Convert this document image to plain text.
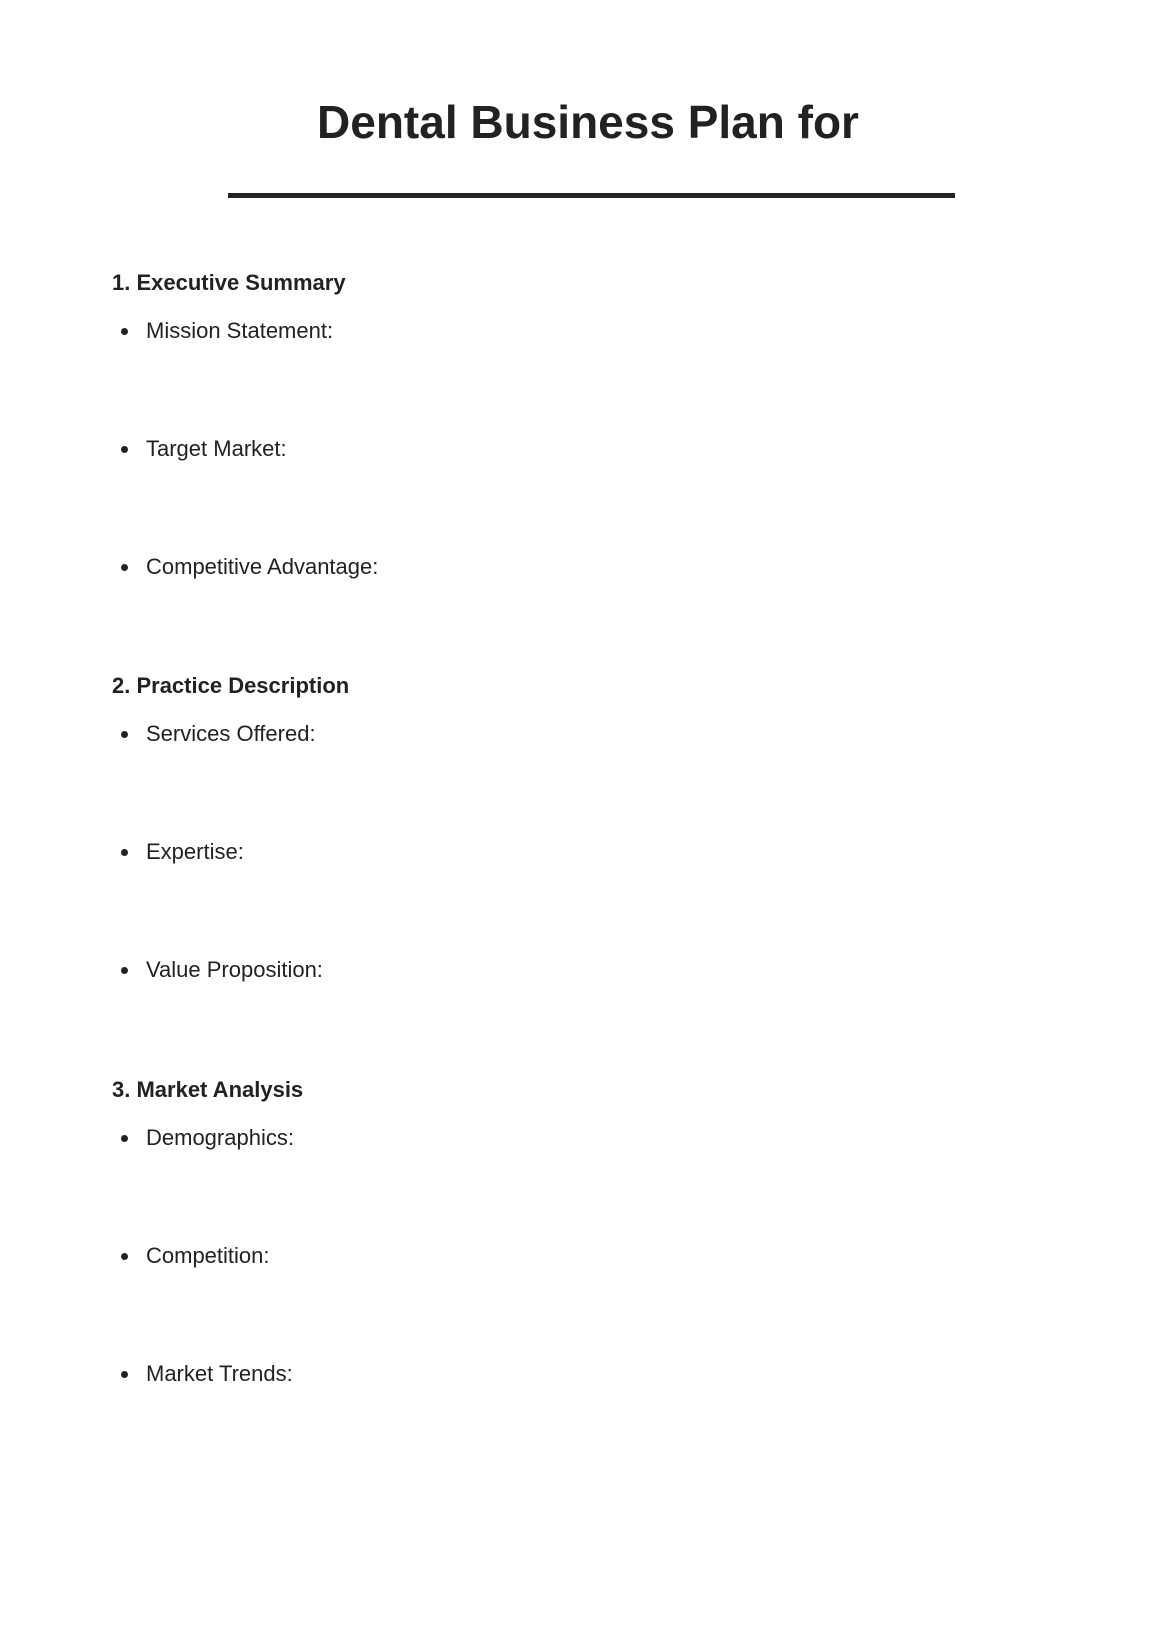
Dental Business Plan for
1. Executive Summary
Mission Statement:
Target Market:
Competitive Advantage:
2. Practice Description
Services Offered:
Expertise:
Value Proposition:
3. Market Analysis
Demographics:
Competition:
Market Trends:
